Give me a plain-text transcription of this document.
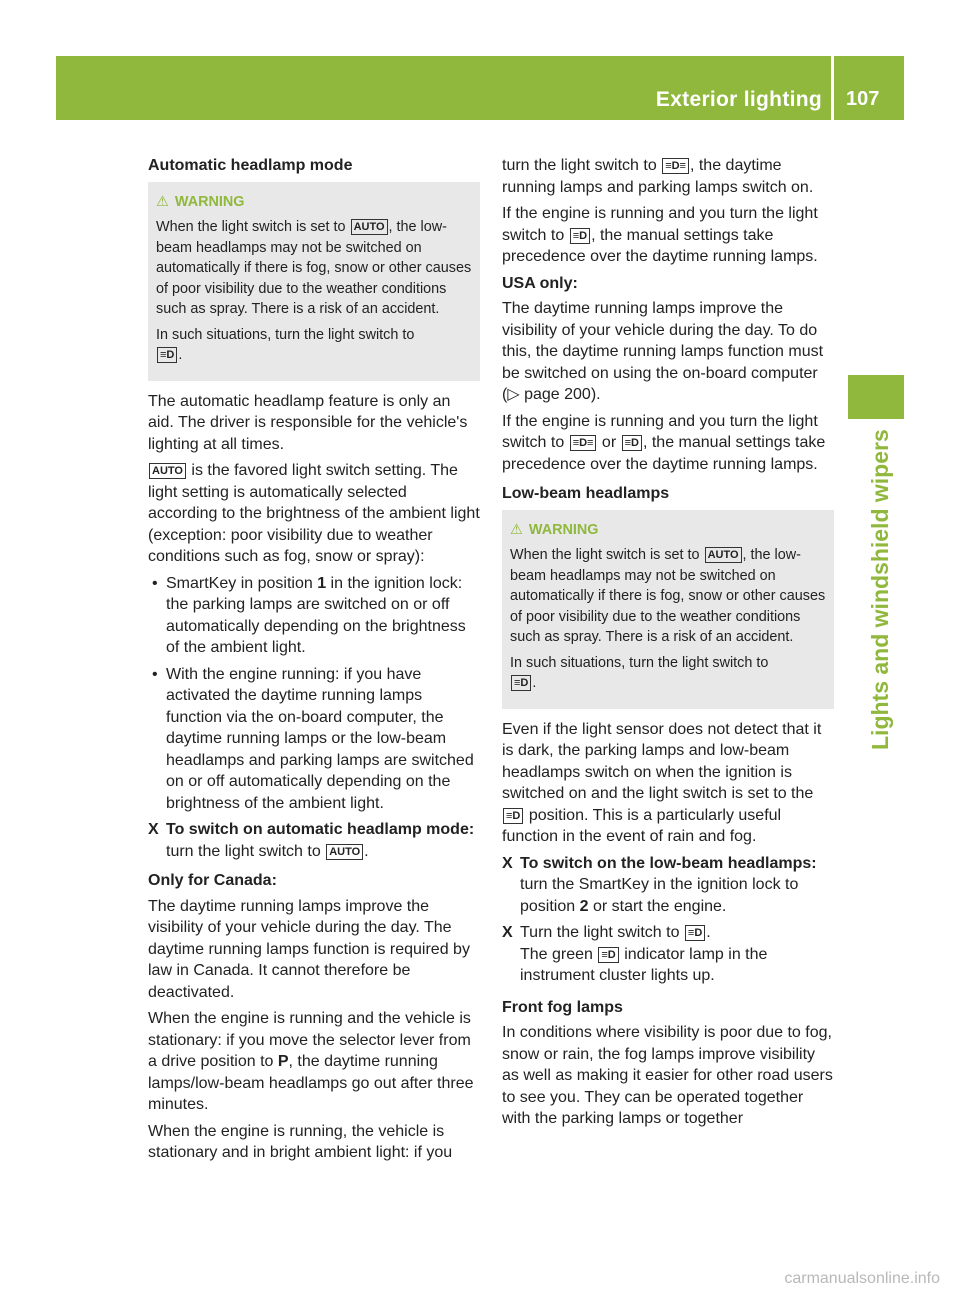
Exterior lighting 107
Lights and windshield wipers

Automatic headlamp mode

⚠ WARNING

When the light switch is set to AUTO , the low-beam headlamps may not be switched on automatically if there is fog, snow or other causes of poor visibility due to the weather conditions such as spray. There is a risk of an accident.

In such situations, turn the light switch to
≡D .

The automatic headlamp feature is only an aid. The driver is responsible for the vehicle's lighting at all times.

AUTO is the favored light switch setting. The light setting is automatically selected according to the brightness of the ambient light (exception: poor visibility due to weather conditions such as fog, snow or spray):

• SmartKey in position 1 in the ignition lock: the parking lamps are switched on or off automatically depending on the brightness of the ambient light.

• With the engine running: if you have activated the daytime running lamps function via the on-board computer, the daytime running lamps or the low-beam headlamps and parking lamps are switched on or off automatically depending on the brightness of the ambient light.

X To switch on automatic headlamp mode: turn the light switch to AUTO .

Only for Canada:

The daytime running lamps improve the visibility of your vehicle during the day. The daytime running lamps function is required by law in Canada. It cannot therefore be deactivated.

When the engine is running and the vehicle is stationary: if you move the selector lever from a drive position to P, the daytime running lamps/low-beam headlamps go out after three minutes.

When the engine is running, the vehicle is stationary and in bright ambient light: if you

turn the light switch to ≡D≡ , the daytime running lamps and parking lamps switch on.

If the engine is running and you turn the light switch to ≡D , the manual settings take precedence over the daytime running lamps.

USA only:

The daytime running lamps improve the visibility of your vehicle during the day. To do this, the daytime running lamps function must be switched on using the on-board computer (▷ page 200).

If the engine is running and you turn the light switch to ≡D≡ or ≡D , the manual settings take precedence over the daytime running lamps.

Low-beam headlamps

⚠ WARNING

When the light switch is set to AUTO , the low-beam headlamps may not be switched on automatically if there is fog, snow or other causes of poor visibility due to the weather conditions such as spray. There is a risk of an accident.

In such situations, turn the light switch to
≡D .

Even if the light sensor does not detect that it is dark, the parking lamps and low-beam headlamps switch on when the ignition is switched on and the light switch is set to the ≡D position. This is a particularly useful function in the event of rain and fog.

X To switch on the low-beam headlamps: turn the SmartKey in the ignition lock to position 2 or start the engine.

X Turn the light switch to ≡D .
The green ≡D indicator lamp in the instrument cluster lights up.

Front fog lamps

In conditions where visibility is poor due to fog, snow or rain, the fog lamps improve visibility as well as making it easier for other road users to see you. They can be operated together with the parking lamps or together

carmanualsonline.info
